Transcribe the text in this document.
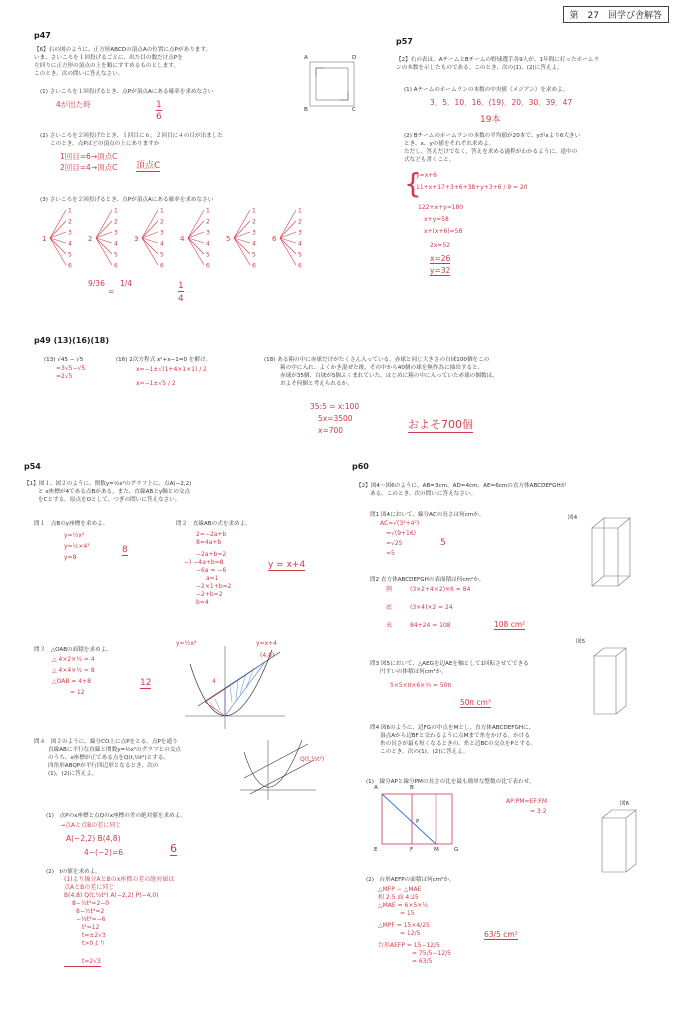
第　27　回学び舎解答
p47
【6】右の図のように、正方形ABCDの頂点Aの位置に点Pがあります。
いま、さいころを１回投げるごとに、出た目の数だけ点Pを
左回りに正方形の頂点の上を順にすすめるものとします。
このとき、次の問いに答えなさい。
A	D
B	C
(1) さいころを１回投げるとき、点Pが頂点Aにある確率を求めなさい
4が出た時	1
6
(2) さいころを２回投げたとき、１回目に６，２回目に４の目が出ました
このとき、点Pはどの頂点の上にありますか
1回目=6→頂点C
2回目=4→頂点C 頂点C
(3) さいころを２回投げるとき、点Pが頂点Aにある確率を求めなさい
1
1
2
3
4
5
6
2
1
2
3
4
5
6
3
1
2
3
4
5
6
4
1
2
3
4
5
6
5
1
2
3
4
5
6
6
1
2
3
4
5
6
9/36
=
1/4	1
4
p57
【2】右の表は、AチームとBチームの野球選手各9人が、1年間に打ったホームラ
ンの本数を示したものである。このとき、次の(1)、(2)に答えよ。
(1) Aチームのホームランの本数の中央値（メジアン）を求めよ。
3．5．10．16．(19)．20．30．39．47
19本
(2) Bチームのホームランの本数の平均値が20本で、yがxより6大きい
とき、x、yの値をそれぞれ求めよ。
ただし、答えだけでなく、答えを求める過程がわかるように、途中の
式なども書くこと。
{
y=x+6
11+x+17+3+6+38+y+3+6 / 9 = 20
122+x+y=180
x+y=58
x+(x+6)=58
2x=52
x=26
y=32
p49 (13)(16)(18)
(13) √45 − √5
=3√5−√5
=2√5
(16) 2次方程式 x²+x−1=0 を解け。
x=−1±√(1+4×1×1) / 2
x=−1±√5 / 2
(18) ある箱の中に赤球だけがたくさん入っている。赤球と同じ大きさの白球100個をこの
箱の中に入れ、よくかき混ぜた後、その中から40個の球を無作為に抽出すると、
赤球が35個、白球が5個ふくまれていた。はじめに箱の中に入っていた赤球の個数は、
およそ何個と考えられるか。
35:5 = x:100
5x=3500
x=700	およそ700個
p54
【1】図１、図２のように、関数y=½x²のグラフ上に、点A(−2,2)
と x座標が4である点Bがある。また、直線ABとy軸との交点
をCとする。原点をOとして、つぎの問いに答えなさい。
問１　点Bのy座標を求めよ。
y=½x²
y=½×4²
y=8
8
問２　直線ABの式を求めよ。
2=−2a+b
8=4a+b
−2a+b=2
−) −4a+b=8
−6a = −6
a=1
−2×1+b=2
−2+b=2
b=4
y = x+4
問３　△OABの面積を求めよ。
△ 4×2×½ = 4
△ 4×4×½ = 8
△OAB = 4+8
= 12
12
y=½x²	y=x+4
(4,8)
4
問４　図２のように、線分CO上に点Pをとる。点Pを通り
直線ABに平行な直線と関数y=½x²のグラフとの交点
のうち、x座標が正である点をQ(t,½t²)とする。
四角形ABQPが平行四辺形となるとき、次の
(1)，(2)に答えよ。
Q(t,½t²)
(1)　点Pのx座標と点Qのx座標の差の絶対値を求めよ。
→点Aと点Bの差に同じ
A(−2,2) B(4,8)
4−(−2)=6	6
(2)　tの値を求めよ。
(1)より線分AとBのx座標の差の絶対値は
点AとBの差に同じ
B(4,8) Q(t,½t²) A(−2,2) P(−4,0)
8−½t²=2−0
8−½t²=2
−½t²=−6
t²=12
t=±2√3
t>0より
t=2√3
p60
【2】図4〜図6のように、AB=3cm、AD=4cm、AE=6cmの直方体ABCDEFGHが
ある。このとき、次の問いに答えなさい。
問1 図4において、線分ACの長さは何cmか。
AC=√(3²+4²)
=√(9+16)
=√25
=5
5
図4
図5
図6
問2 直方体ABCDEFGHの表面積は何cm²か。
側	(3×2+4×2)×6 = 84
底	(3×4)×2 = 24
表	84+24 = 108	108 cm²
問3 図5において、△AEGを辺AEを軸として1回転させてできる
円すいの体積は何cm³か。
5×5×π×6×⅓ = 50π
50π cm³
問4 図6のように、辺FGの中点をMとし、直方体ABCDEFGHに、
頂点Aから辺BFと交わるように点Mまで糸をかける。かける
糸の長さが最も短くなるときの、糸と辺BCの交点をPとする。
このとき、次の(1)、(2)に答えよ。
(1)　線分APと線分PMの長さの比を最も簡単な整数の比で表わせ。
A	B
E	F
P
M	G
AP:PM=EF:FM
= 3:2
(2)　台形AEFPの面積は何cm²か。
△MFP ∽ △MAE
相 2:5 面 4:25
△MAE = 6×5×½
= 15
△MPF = 15×4/25
= 12/5
台形AEFP = 15−12/5
= 75/5−12/5
= 63/5
63/5 cm²
